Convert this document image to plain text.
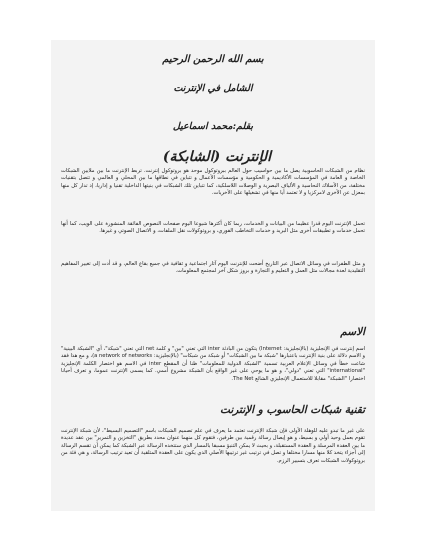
بسم الله الرحمن الرحيم
الشامل في الإنترنت
بقلم:محمد اسماعيل
الإنترنت (الشابكة)
نظام من الشبكات الحاسوبية يصل ما بين حواسيب حول العالم ببروتوكول موحد هو بروتوكول إنترنت. تربط الإنترنت ما بين ملايين الشبكات الخاصة و العامة في المؤسسات الأكاديمية و الحكومية و مؤسسات الأعمال و تتباين في نطاقها ما بين المحلي و العالمي و تتصل بتقنيات مختلفة، من الأسلاك النحاسية و الألياف البصرية و الوصلات اللاسلكية، كما تتباين تلك الشبكات في بنيتها الداخلية تقنيا و إداريا، إذ تدار كل منها بمعزل عن الأخرى لامركزيا و لا تعتمد أيا منها في تشغيلها على الأخريات.
تحمل الإنترنت اليوم قدرا عظيما من البيانات و الخدمات، ربما كان أكثرها شيوعا اليوم صفحات النصوص الفائقة المنشورة على الويب، كما أنها تحمل خدمات و تطبيقات أخرى مثل البريد و خدمات التخاطب الفوري، و بروتوكولات نقل الملفات، و الاتصال الصوتي و غيرها.
و مثل الطفرات في وسائل الاتصال عبر التاريخ أضحت للإنترنت اليوم آثار اجتماعية و ثقافية في جميع بقاع العالم، و قد أدت إلى تغيير المفاهيم التقليدية لعدة مجالات مثل العمل و التعليم و التجارة و بروز شكل آخر لمجتمع المعلومات.
الاسم
اسم إنترنت في الإنجليزية (بالإنجليزية: Internet) يتكون من البادئة inter التي تعني "بين" و كلمة net التي تعني "شبكة"، أي "الشبكة البينية" و الاسم دلالة على بنية الإنترنت باعتبارها "شبكة ما بين الشبكات" أو شبكة من شبكات" (بالإنجليزية: a network of networks)، و مع هذا فقد شاعت خطأ في وسائل الإعلام العربية تسمية "الشبكة الدولية للمعلومات" ظنا أن المقطع inter في الاسم هو اختصار الكلمة الإنجليزية "international" التي تعني "دولي"، و هو ما يوحي على غير الواقع بأن الشبكة مشروع أممي. كما يسمى الإنترنت عموما، و تعرف أحيانا اختصارا "الشبكة" مقابلا للاستعمال الإنجليزي الشائع The Net.
تقنية شبكات الحاسوب و الإنترنت
على غير ما تبدو عليه للوهلة الأولى فإن شبكة الإنترنت تعتمد ما يعرف في علم تصميم الشبكات باسم "التصميم البسيط"، لأن شبكة الإنترنت تقوم بعمل وحيد أولي و بسيط، و هو إيصال رسالة رقمية بين طرفين، فتقوم كل منهما عنوان محدد بطريق "التخزين و التمرير" بين عقد عديدة ما بين العقدة المرسلة و العقدة المستقبلة، و بحيث لا يمكن التنبؤ مسبقا بالمسار الذي ستتخذه الرسالة عبر الشبكة كما يمكن أن تقسم الرسالة إلى أجزاء يتخذ كلا منها مسارا مختلفا و تصل في ترتيب غير ترتيبها الأصلي الذي يكون على العقدة المتلقية أن تعيد ترتيب الرسالة، و هي فئة من بروتوكولات الشبكات تعرف بتسيير الرزم.
